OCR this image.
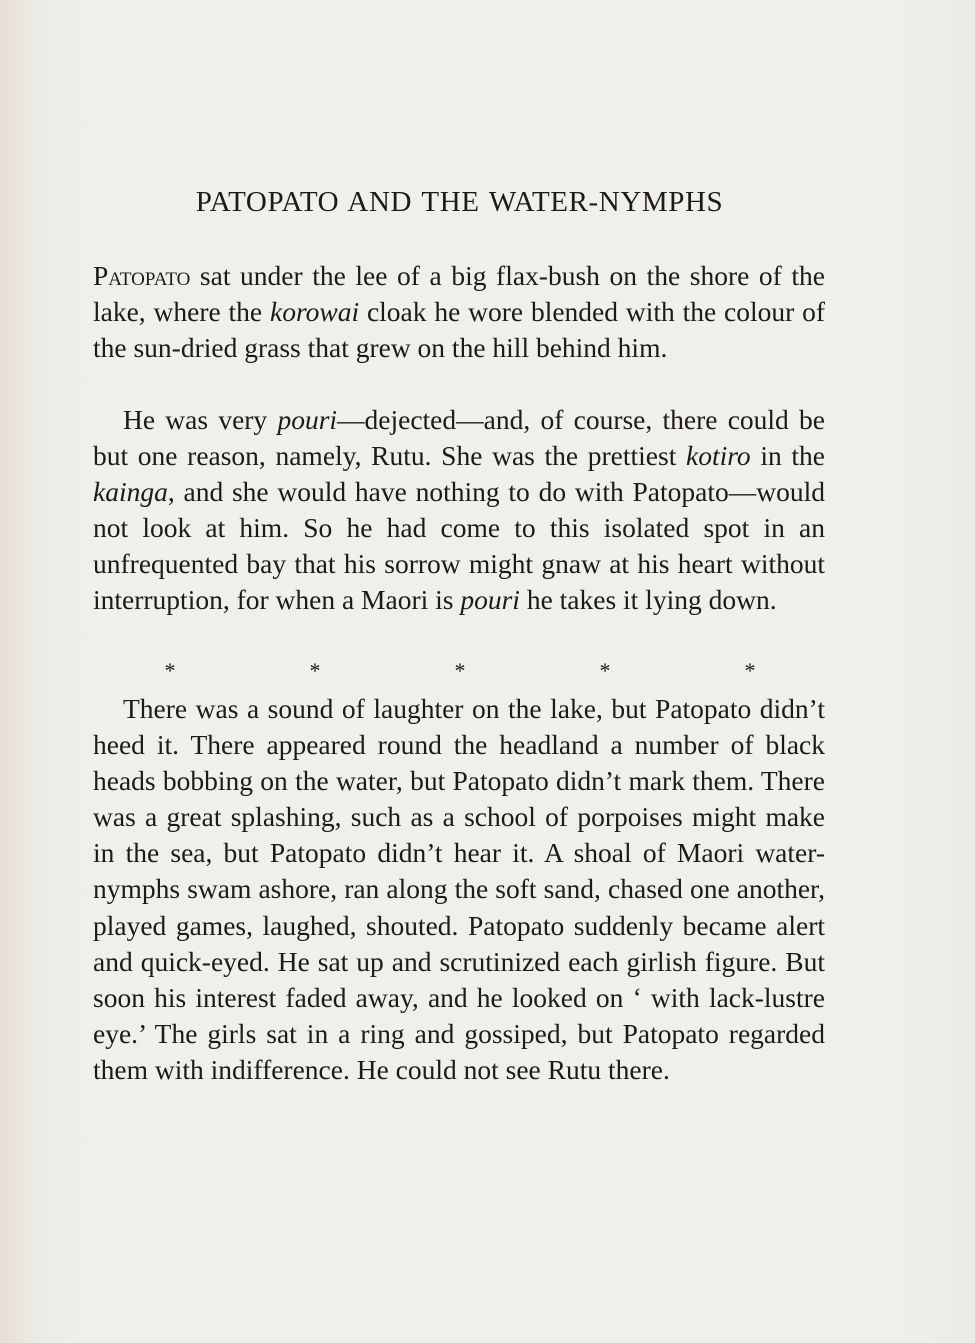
PATOPATO AND THE WATER-NYMPHS
Patopato sat under the lee of a big flax-bush on the shore of the lake, where the korowai cloak he wore blended with the colour of the sun-dried grass that grew on the hill behind him.
He was very pouri—dejected—and, of course, there could be but one reason, namely, Rutu. She was the prettiest kotiro in the kainga, and she would have nothing to do with Patopato—would not look at him. So he had come to this isolated spot in an unfrequented bay that his sorrow might gnaw at his heart without interruption, for when a Maori is pouri he takes it lying down.
*	*	*	*	*
There was a sound of laughter on the lake, but Patopato didn’t heed it. There appeared round the headland a number of black heads bobbing on the water, but Patopato didn’t mark them. There was a great splashing, such as a school of porpoises might make in the sea, but Patopato didn’t hear it. A shoal of Maori water-nymphs swam ashore, ran along the soft sand, chased one another, played games, laughed, shouted. Patopato suddenly became alert and quick-eyed. He sat up and scrutinized each girlish figure. But soon his interest faded away, and he looked on ‘ with lack-lustre eye.’ The girls sat in a ring and gossiped, but Patopato regarded them with indifference. He could not see Rutu there.
